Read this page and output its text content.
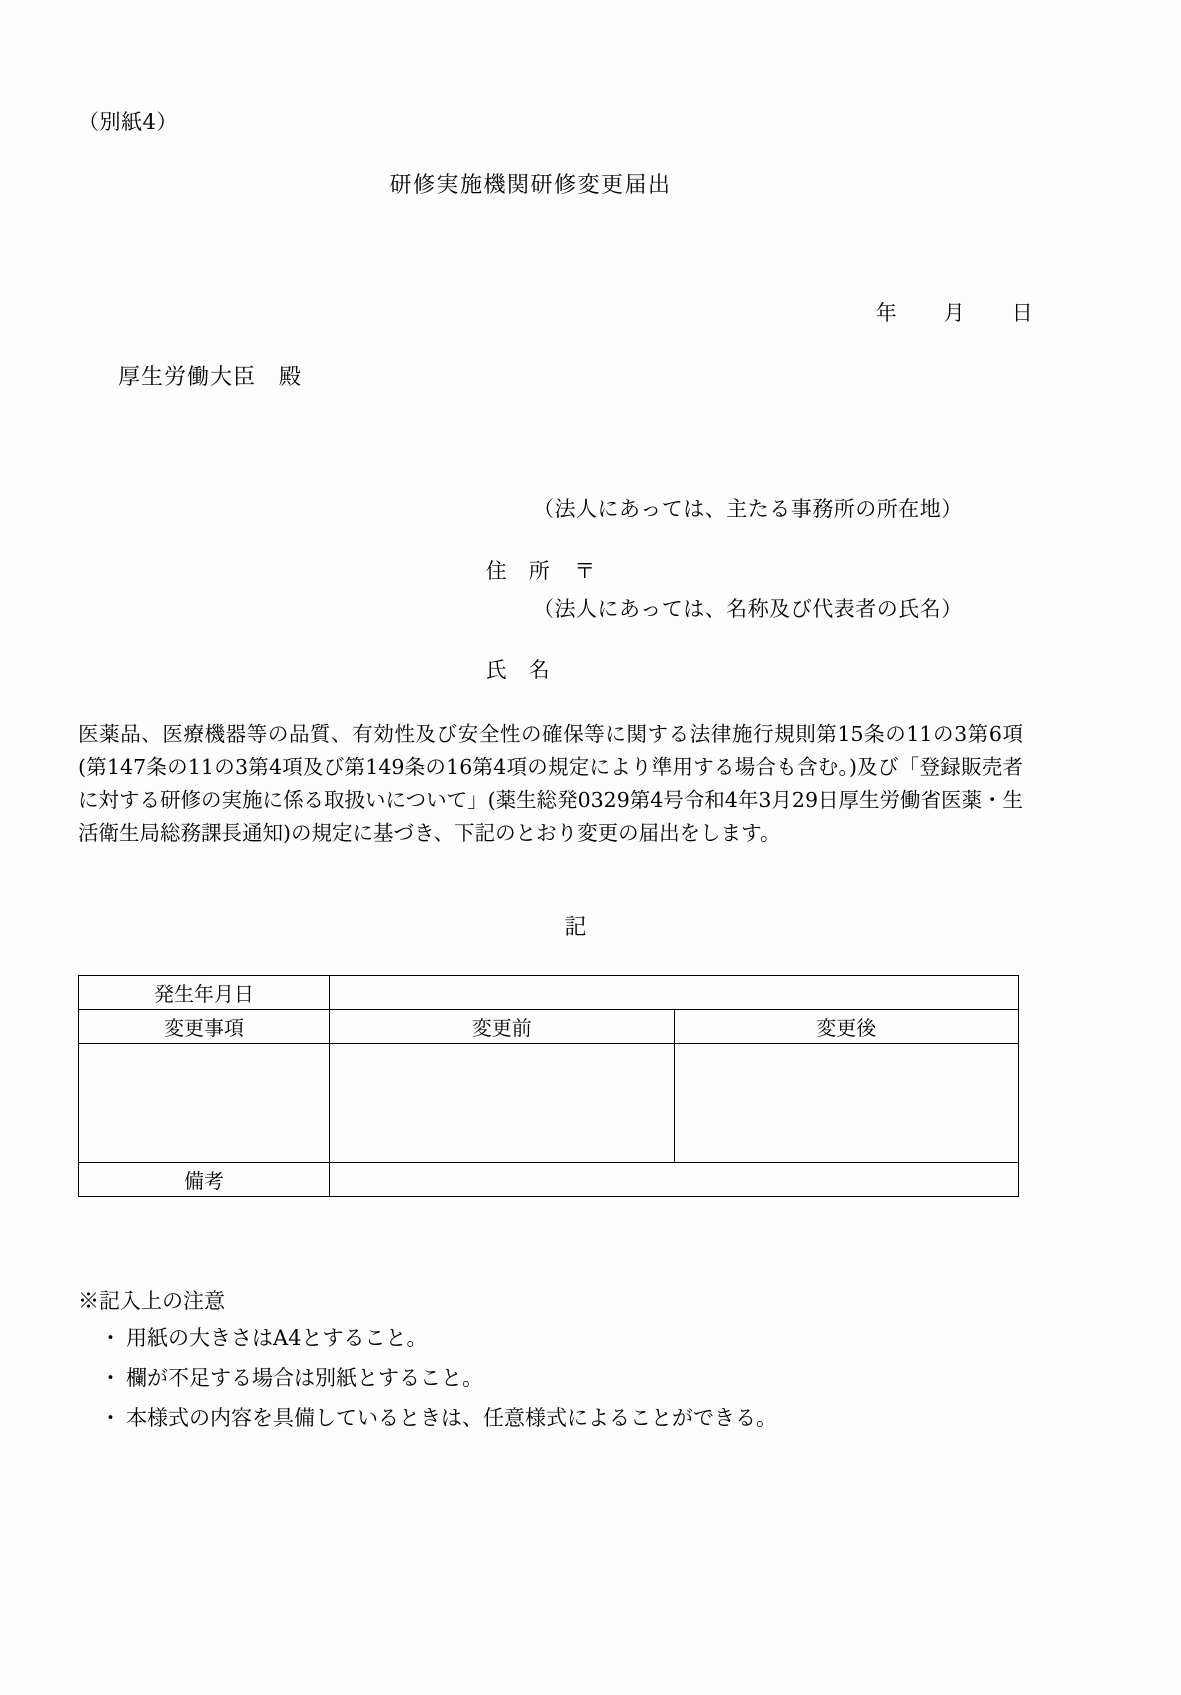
（別紙4）
研修実施機関研修変更届出

年 月 日

厚生労働大臣　殿
（法人にあっては、主たる事務所の所在地）

住　所 〒

（法人にあっては、名称及び代表者の氏名）

氏　名

医薬品、医療機器等の品質、有効性及び安全性の確保等に関する法律施行規則第15条の11の3第6項(第147条の11の3第4項及び第149条の16第4項の規定により準用する場合も含む。)及び「登録販売者に対する研修の実施に係る取扱いについて」(薬生総発0329第4号令和4年3月29日厚生労働省医薬・生活衛生局総務課長通知)の規定に基づき、下記のとおり変更の届出をします。
記
発生年月日		
変更事項	変更前	変更後

備考		
※記入上の注意
・ 用紙の大きさはA4とすること。
・ 欄が不足する場合は別紙とすること。
・ 本様式の内容を具備しているときは、任意様式によることができる。
